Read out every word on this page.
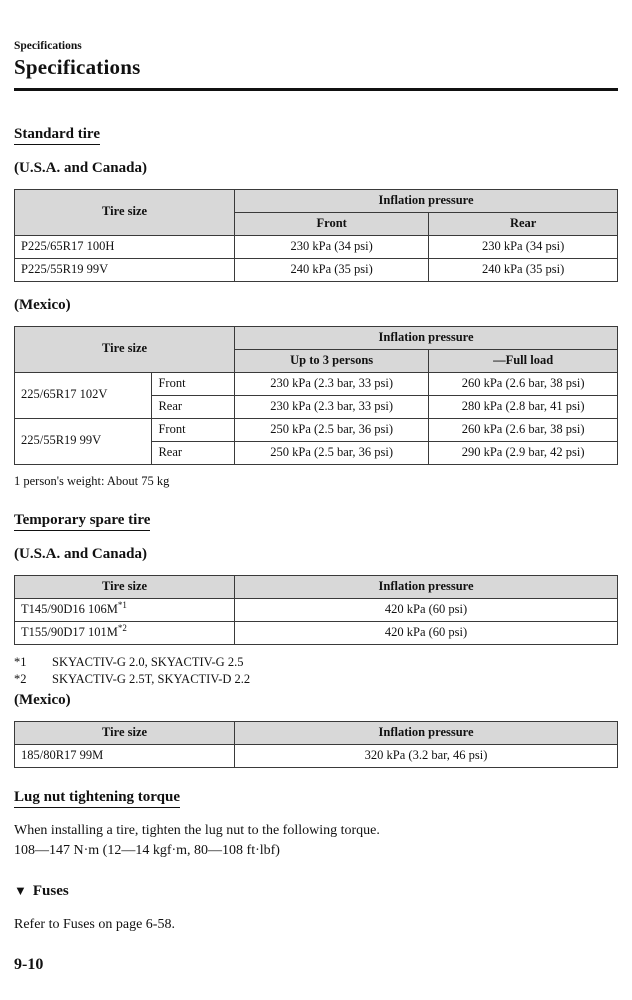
Specifications
Specifications
Standard tire
(U.S.A. and Canada)
Tire size	Inflation pressure	
	Front	Rear
P225/65R17 100H	230 kPa (34 psi)	230 kPa (34 psi)
P225/55R19 99V	240 kPa (35 psi)	240 kPa (35 psi)
(Mexico)
Tire size		Inflation pressure	
		Up to 3 persons	—Full load
225/65R17 102V	Front	230 kPa (2.3 bar, 33 psi)	260 kPa (2.6 bar, 38 psi)
	Rear	230 kPa (2.3 bar, 33 psi)	280 kPa (2.8 bar, 41 psi)
225/55R19 99V	Front	250 kPa (2.5 bar, 36 psi)	260 kPa (2.6 bar, 38 psi)
	Rear	250 kPa (2.5 bar, 36 psi)	290 kPa (2.9 bar, 42 psi)
1 person's weight: About 75 kg
Temporary spare tire
(U.S.A. and Canada)
Tire size	Inflation pressure
T145/90D16 106M$^{*1}$	420 kPa (60 psi)
T155/90D17 101M$^{*2}$	420 kPa (60 psi)
*1	SKYACTIV-G 2.0, SKYACTIV-G 2.5
*2	SKYACTIV-G 2.5T, SKYACTIV-D 2.2
(Mexico)
Tire size	Inflation pressure
185/80R17 99M	320 kPa (3.2 bar, 46 psi)
Lug nut tightening torque

When installing a tire, tighten the lug nut to the following torque.

108—147 N·m (12—14 kgf·m, 80—108 ft·lbf)

▼ Fuses

Refer to Fuses on page 6-58.

9-10
